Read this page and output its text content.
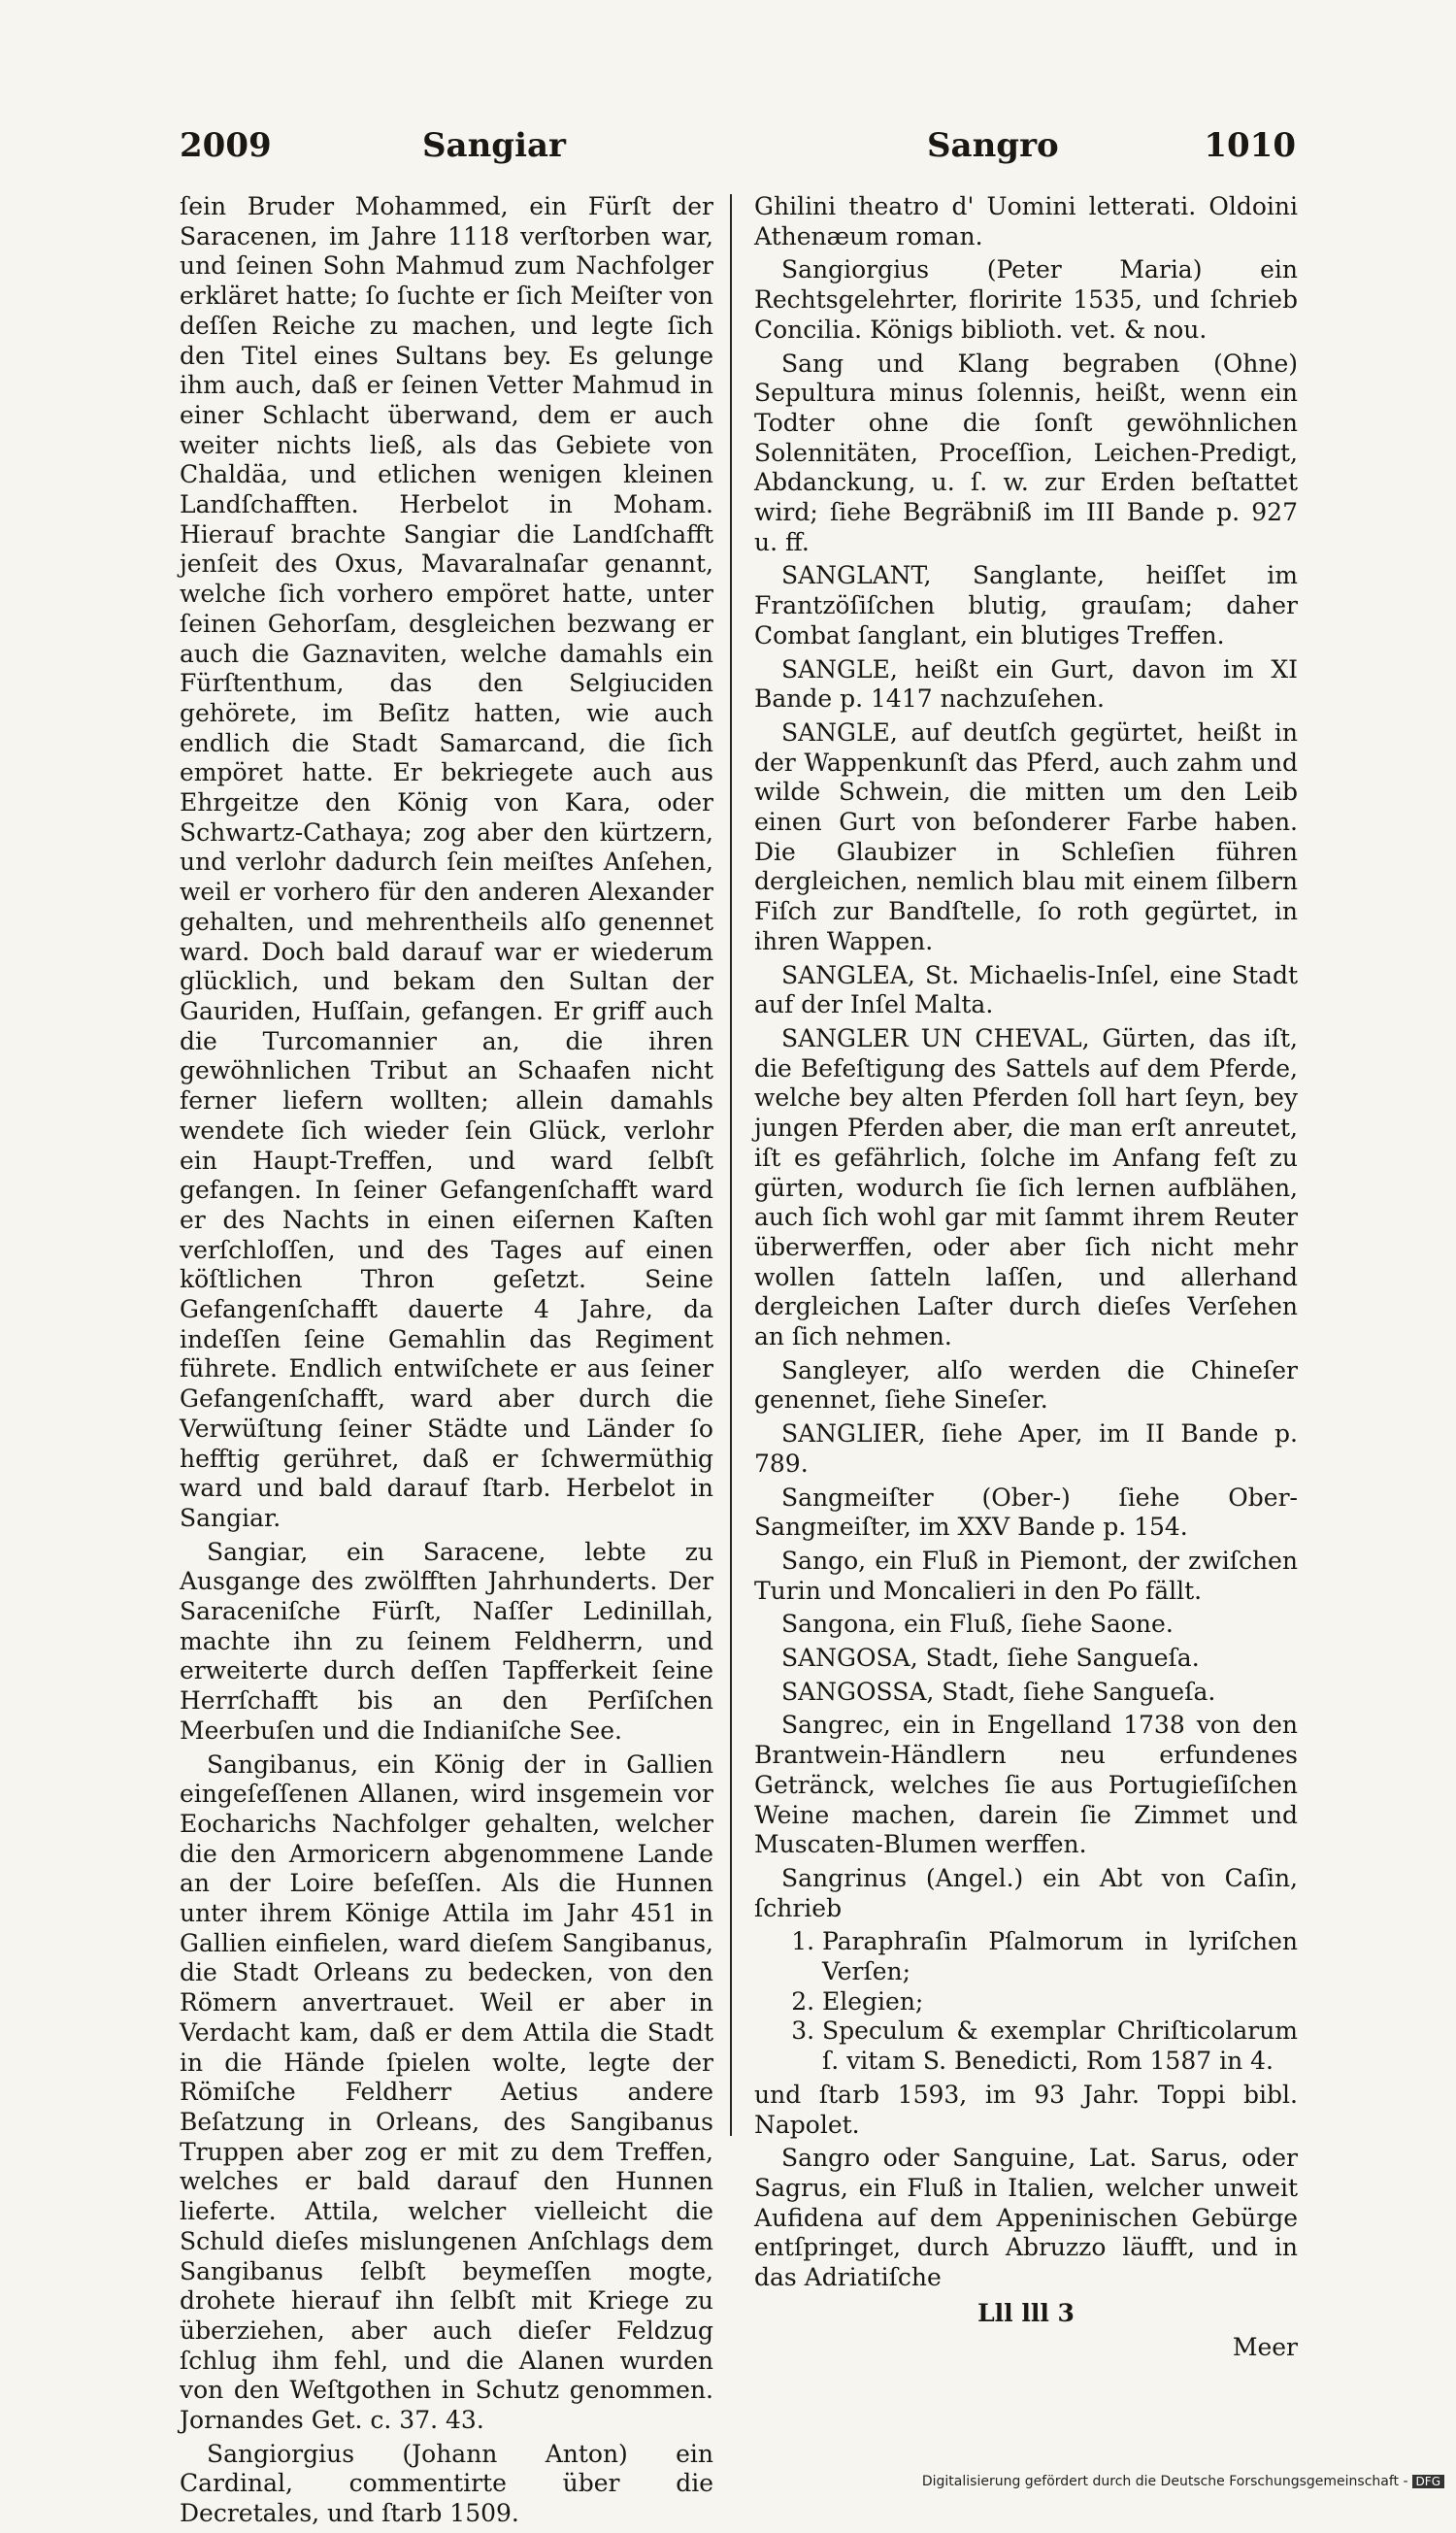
2009	Sangiar	Sangro	1010

ſein Bruder Mohammed, ein Fürſt der Saracenen, im Jahre 1118 verſtorben war, und ſeinen Sohn Mahmud zum Nachfolger erkläret hatte; ſo ſuchte er ſich Meiſter von deſſen Reiche zu machen, und legte ſich den Titel eines Sultans bey. Es gelunge ihm auch, daß er ſeinen Vetter Mahmud in einer Schlacht überwand, dem er auch weiter nichts ließ, als das Gebiete von Chaldäa, und etlichen wenigen kleinen Landſchafften. Herbelot in Moham. Hierauf brachte Sangiar die Landſchafft jenſeit des Oxus, Mavaralnaſar genannt, welche ſich vorhero empöret hatte, unter ſeinen Gehorſam, desgleichen bezwang er auch die Gaznaviten, welche damahls ein Fürſtenthum, das den Selgiuciden gehörete, im Beſitz hatten, wie auch endlich die Stadt Samarcand, die ſich empöret hatte. Er bekriegete auch aus Ehrgeitze den König von Kara, oder Schwartz-Cathaya; zog aber den kürtzern, und verlohr dadurch ſein meiſtes Anſehen, weil er vorhero für den anderen Alexander gehalten, und mehrentheils alſo genennet ward. Doch bald darauf war er wiederum glücklich, und bekam den Sultan der Gauriden, Huſſain, gefangen. Er griff auch die Turcomannier an, die ihren gewöhnlichen Tribut an Schaafen nicht ferner liefern wollten; allein damahls wendete ſich wieder ſein Glück, verlohr ein Haupt-Treffen, und ward ſelbſt gefangen. In ſeiner Gefangenſchafft ward er des Nachts in einen eiſernen Kaſten verſchloſſen, und des Tages auf einen köſtlichen Thron geſetzt. Seine Gefangenſchafft dauerte 4 Jahre, da indeſſen ſeine Gemahlin das Regiment führete. Endlich entwiſchete er aus ſeiner Gefangenſchafft, ward aber durch die Verwüſtung ſeiner Städte und Länder ſo hefftig gerühret, daß er ſchwermüthig ward und bald darauf ſtarb. Herbelot in Sangiar.

Sangiar, ein Saracene, lebte zu Ausgange des zwölfften Jahrhunderts. Der Saraceniſche Fürſt, Naſſer Ledinillah, machte ihn zu ſeinem Feldherrn, und erweiterte durch deſſen Tapfferkeit ſeine Herrſchafft bis an den Perſiſchen Meerbuſen und die Indianiſche See.

Sangibanus, ein König der in Gallien eingeſeſſenen Allanen, wird insgemein vor Eocharichs Nachfolger gehalten, welcher die den Armoricern abgenommene Lande an der Loire beſeſſen. Als die Hunnen unter ihrem Könige Attila im Jahr 451 in Gallien einfielen, ward dieſem Sangibanus, die Stadt Orleans zu bedecken, von den Römern anvertrauet. Weil er aber in Verdacht kam, daß er dem Attila die Stadt in die Hände ſpielen wolte, legte der Römiſche Feldherr Aetius andere Beſatzung in Orleans, des Sangibanus Truppen aber zog er mit zu dem Treffen, welches er bald darauf den Hunnen lieferte. Attila, welcher vielleicht die Schuld dieſes mislungenen Anſchlags dem Sangibanus ſelbſt beymeſſen mogte, drohete hierauf ihn ſelbſt mit Kriege zu überziehen, aber auch dieſer Feldzug ſchlug ihm fehl, und die Alanen wurden von den Weſtgothen in Schutz genommen. Jornandes Get. c. 37. 43.

Sangiorgius (Johann Anton) ein Cardinal, commentirte über die Decretales, und ſtarb 1509.

Ghilini theatro d' Uomini letterati. Oldoini Athenæum roman.

Sangiorgius (Peter Maria) ein Rechtsgelehrter, floririte 1535, und ſchrieb Concilia. Königs biblioth. vet. & nou.

Sang und Klang begraben (Ohne) Sepultura minus ſolennis, heißt, wenn ein Todter ohne die ſonſt gewöhnlichen Solennitäten, Proceſſion, Leichen-Predigt, Abdanckung, u. ſ. w. zur Erden beſtattet wird; ſiehe Begräbniß im III Bande p. 927 u. ff.

SANGLANT, Sanglante, heiſſet im Frantzöſiſchen blutig, grauſam; daher Combat ſanglant, ein blutiges Treffen.

SANGLE, heißt ein Gurt, davon im XI Bande p. 1417 nachzuſehen.

SANGLE, auf deutſch gegürtet, heißt in der Wappenkunſt das Pferd, auch zahm und wilde Schwein, die mitten um den Leib einen Gurt von beſonderer Farbe haben. Die Glaubizer in Schleſien führen dergleichen, nemlich blau mit einem ſilbern Fiſch zur Bandſtelle, ſo roth gegürtet, in ihren Wappen.

SANGLEA, St. Michaelis-Inſel, eine Stadt auf der Inſel Malta.

SANGLER UN CHEVAL, Gürten, das iſt, die Befeſtigung des Sattels auf dem Pferde, welche bey alten Pferden ſoll hart ſeyn, bey jungen Pferden aber, die man erſt anreutet, iſt es gefährlich, ſolche im Anfang feſt zu gürten, wodurch ſie ſich lernen aufblähen, auch ſich wohl gar mit ſammt ihrem Reuter überwerffen, oder aber ſich nicht mehr wollen ſatteln laſſen, und allerhand dergleichen Laſter durch dieſes Verſehen an ſich nehmen.

Sangleyer, alſo werden die Chineſer genennet, ſiehe Sineſer.

SANGLIER, ſiehe Aper, im II Bande p. 789.

Sangmeiſter (Ober-) ſiehe Ober-Sangmeiſter, im XXV Bande p. 154.

Sango, ein Fluß in Piemont, der zwiſchen Turin und Moncalieri in den Po fällt.

Sangona, ein Fluß, ſiehe Saone.

SANGOSA, Stadt, ſiehe Sangueſa.

SANGOSSA, Stadt, ſiehe Sangueſa.

Sangrec, ein in Engelland 1738 von den Brantwein-Händlern neu erfundenes Getränck, welches ſie aus Portugieſiſchen Weine machen, darein ſie Zimmet und Muscaten-Blumen werffen.

Sangrinus (Angel.) ein Abt von Caſin, ſchrieb

1. Paraphraſin Pſalmorum in lyriſchen Verſen;
2. Elegien;
3. Speculum & exemplar Chriſticolarum ſ. vitam S. Benedicti, Rom 1587 in 4.

und ſtarb 1593, im 93 Jahr. Toppi bibl. Napolet.

Sangro oder Sanguine, Lat. Sarus, oder Sagrus, ein Fluß in Italien, welcher unweit Aufidena auf dem Appeninischen Gebürge entſpringet, durch Abruzzo läufft, und in das Adriatiſche

Lll lll 3

Meer

Digitalisierung gefördert durch die Deutsche Forschungsgemeinschaft - DFG
